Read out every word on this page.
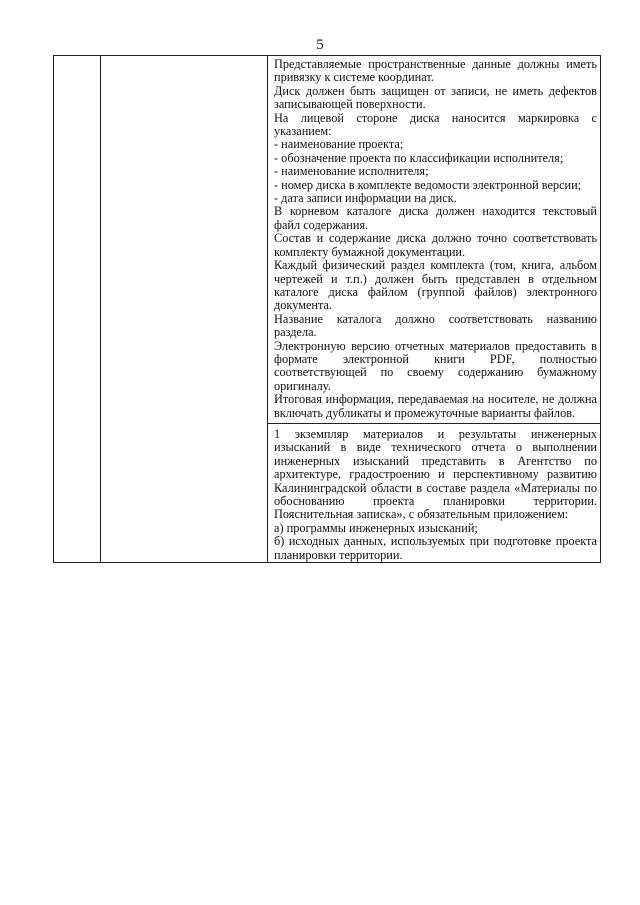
5

Представляемые пространственные данные должны иметь привязку к системе координат.
Диск должен быть защищен от записи, не иметь дефектов записывающей поверхности.
На лицевой стороне диска наносится маркировка с указанием:
- наименование проекта;
- обозначение проекта по классификации исполнителя;
- наименование исполнителя;
- номер диска в комплекте ведомости электронной версии;
- дата записи информации на диск.
В корневом каталоге диска должен находится текстовый файл содержания.
Состав и содержание диска должно точно соответствовать комплекту бумажной документации.
Каждый физический раздел комплекта (том, книга, альбом чертежей и т.п.) должен быть представлен в отдельном каталоге диска файлом (группой файлов) электронного документа.
Название каталога должно соответствовать названию раздела.
Электронную версию отчетных материалов предоставить в формате электронной книги PDF, полностью соответствующей по своему содержанию бумажному оригиналу.
Итоговая информация, передаваемая на носителе, не должна включать дубликаты и промежуточные варианты файлов.
1 экземпляр материалов и результаты инженерных изысканий в виде технического отчета о выполнении инженерных изысканий представить в Агентство по архитектуре, градостроению и перспективному развитию Калининградской области в составе раздела «Материалы по обоснованию проекта планировки территории. Пояснительная записка», с обязательным приложением:
а) программы инженерных изысканий;
б) исходных данных, используемых при подготовке проекта планировки территории.
